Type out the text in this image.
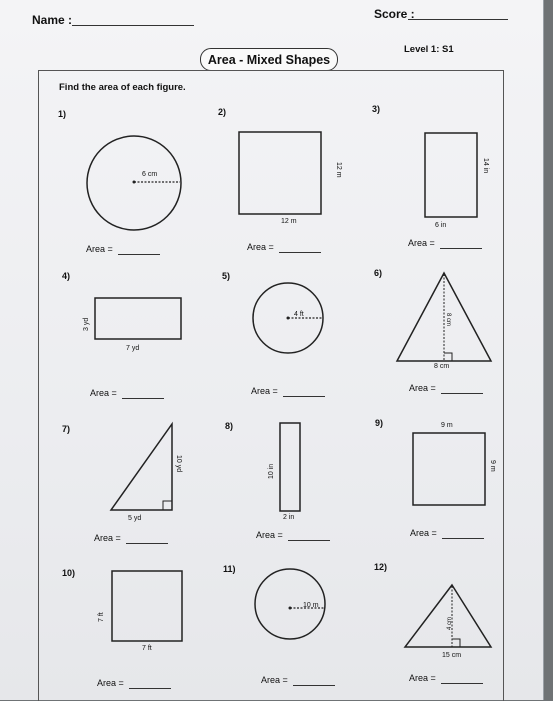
Name :	Score :
Area - Mixed Shapes
Level 1: S1
Find the area of each figure.
1)	2)	3)
4)	5)	6)
7)	8)	9)
10)	11)	12)
6 cm
12 m
12 m
6 in
14 in
3 yd
7 yd
4 ft	8 cm
8 cm
10 yd
5 yd
10 in
2 in
9 m
9 m
7 ft
7 ft
10 m
4 cm
15 cm
Area =	Area =	Area =
Area =	Area =	Area =
Area =	Area =	Area =
Area =	Area =	Area =
